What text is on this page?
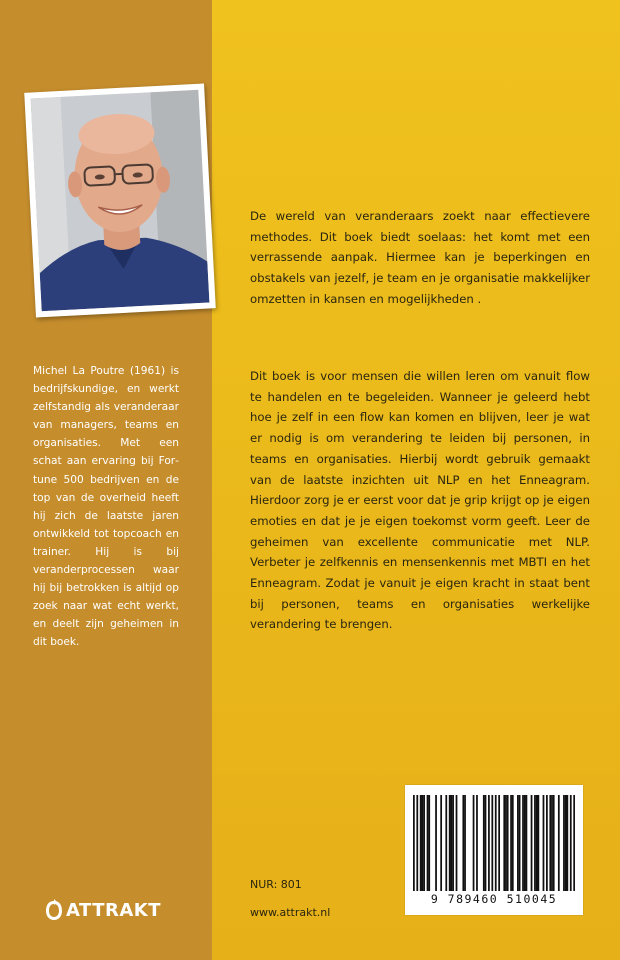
Michel La Poutre (1961) is bedrijfskundige, en werkt zelfstandig als veranderaar van managers, teams en organisaties. Met een schat aan ervaring bij Fortune 500 bedrijven en de top van de overheid heeft hij zich de laatste jaren ontwikkeld tot topcoach en trainer. Hij is bij veranderprocessen waar hij bij betrokken is altijd op zoek naar wat echt werkt, en deelt zijn geheimen in dit boek.
ATTRAKT
De wereld van veranderaars zoekt naar effectievere methodes. Dit boek biedt soelaas: het komt met een verrassende aanpak. Hiermee kan je beperkingen en obstakels van jezelf, je team en je organisatie makkelijker omzetten in kansen en mogelijkheden .
Dit boek is voor mensen die willen leren om vanuit flow te handelen en te begeleiden. Wanneer je geleerd hebt hoe je zelf in een flow kan komen en blijven, leer je wat er nodig is om verandering te leiden bij personen, in teams en organisaties. Hierbij wordt gebruik gemaakt van de laatste inzichten uit NLP en het Enneagram. Hierdoor zorg je er eerst voor dat je grip krijgt op je eigen emoties en dat je je eigen toekomst vorm geeft. Leer de geheimen van excellente communicatie met NLP. Verbeter je zelfkennis en mensenkennis met MBTI en het Enneagram. Zodat je vanuit je eigen kracht in staat bent bij personen, teams en organisaties werkelijke verandering te brengen.
NUR: 801
www.attrakt.nl
9 789460 510045
